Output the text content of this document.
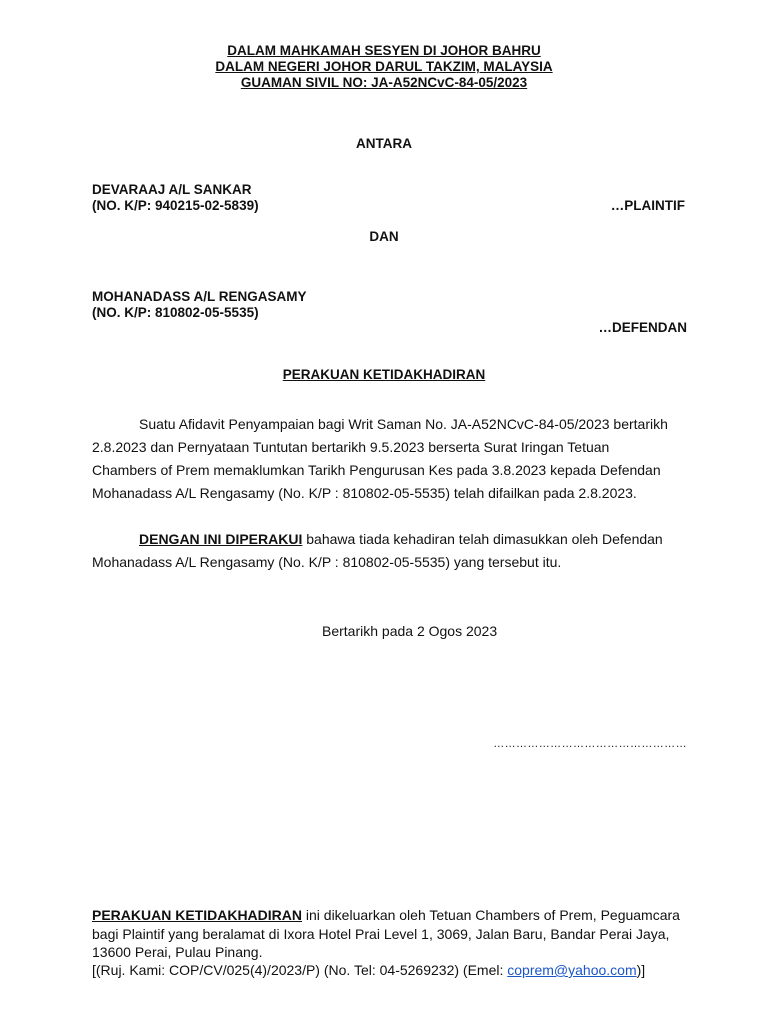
DALAM MAHKAMAH SESYEN DI JOHOR BAHRU
DALAM NEGERI JOHOR DARUL TAKZIM, MALAYSIA
GUAMAN SIVIL NO: JA-A52NCvC-84-05/2023
ANTARA
DEVARAAJ A/L SANKAR
(NO. K/P: 940215-02-5839)	…PLAINTIF
DAN
MOHANADASS A/L RENGASAMY
(NO. K/P: 810802-05-5535)
…DEFENDAN
PERAKUAN KETIDAKHADIRAN
Suatu Afidavit Penyampaian bagi Writ Saman No. JA-A52NCvC-84-05/2023 bertarikh
2.8.2023 dan Pernyataan Tuntutan bertarikh 9.5.2023 berserta Surat Iringan Tetuan
Chambers of Prem memaklumkan Tarikh Pengurusan Kes pada 3.8.2023 kepada Defendan
Mohanadass A/L Rengasamy (No. K/P : 810802-05-5535) telah difailkan pada 2.8.2023.
DENGAN INI DIPERAKUI bahawa tiada kehadiran telah dimasukkan oleh Defendan
Mohanadass A/L Rengasamy (No. K/P : 810802-05-5535) yang tersebut itu.
Bertarikh pada 2 Ogos 2023
……………………………………………
PERAKUAN KETIDAKHADIRAN ini dikeluarkan oleh Tetuan Chambers of Prem, Peguamcara
bagi Plaintif yang beralamat di Ixora Hotel Prai Level 1, 3069, Jalan Baru, Bandar Perai Jaya,
13600 Perai, Pulau Pinang.
[(Ruj. Kami: COP/CV/025(4)/2023/P) (No. Tel: 04-5269232) (Emel: coprem@yahoo.com)]
